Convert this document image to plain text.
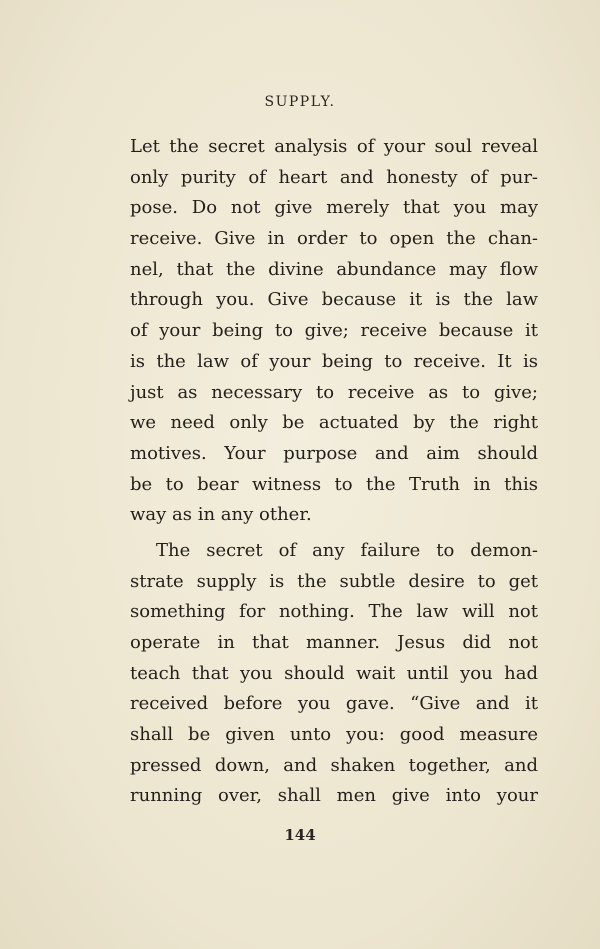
SUPPLY.
Let the secret analysis of your soul reveal
only purity of heart and honesty of pur-
pose. Do not give merely that you may
receive. Give in order to open the chan-
nel, that the divine abundance may flow
through you. Give because it is the law
of your being to give; receive because it
is the law of your being to receive. It is
just as necessary to receive as to give;
we need only be actuated by the right
motives. Your purpose and aim should
be to bear witness to the Truth in this
way as in any other.
The secret of any failure to demon-
strate supply is the subtle desire to get
something for nothing. The law will not
operate in that manner. Jesus did not
teach that you should wait until you had
received before you gave. “Give and it
shall be given unto you: good measure
pressed down, and shaken together, and
running over, shall men give into your
144
